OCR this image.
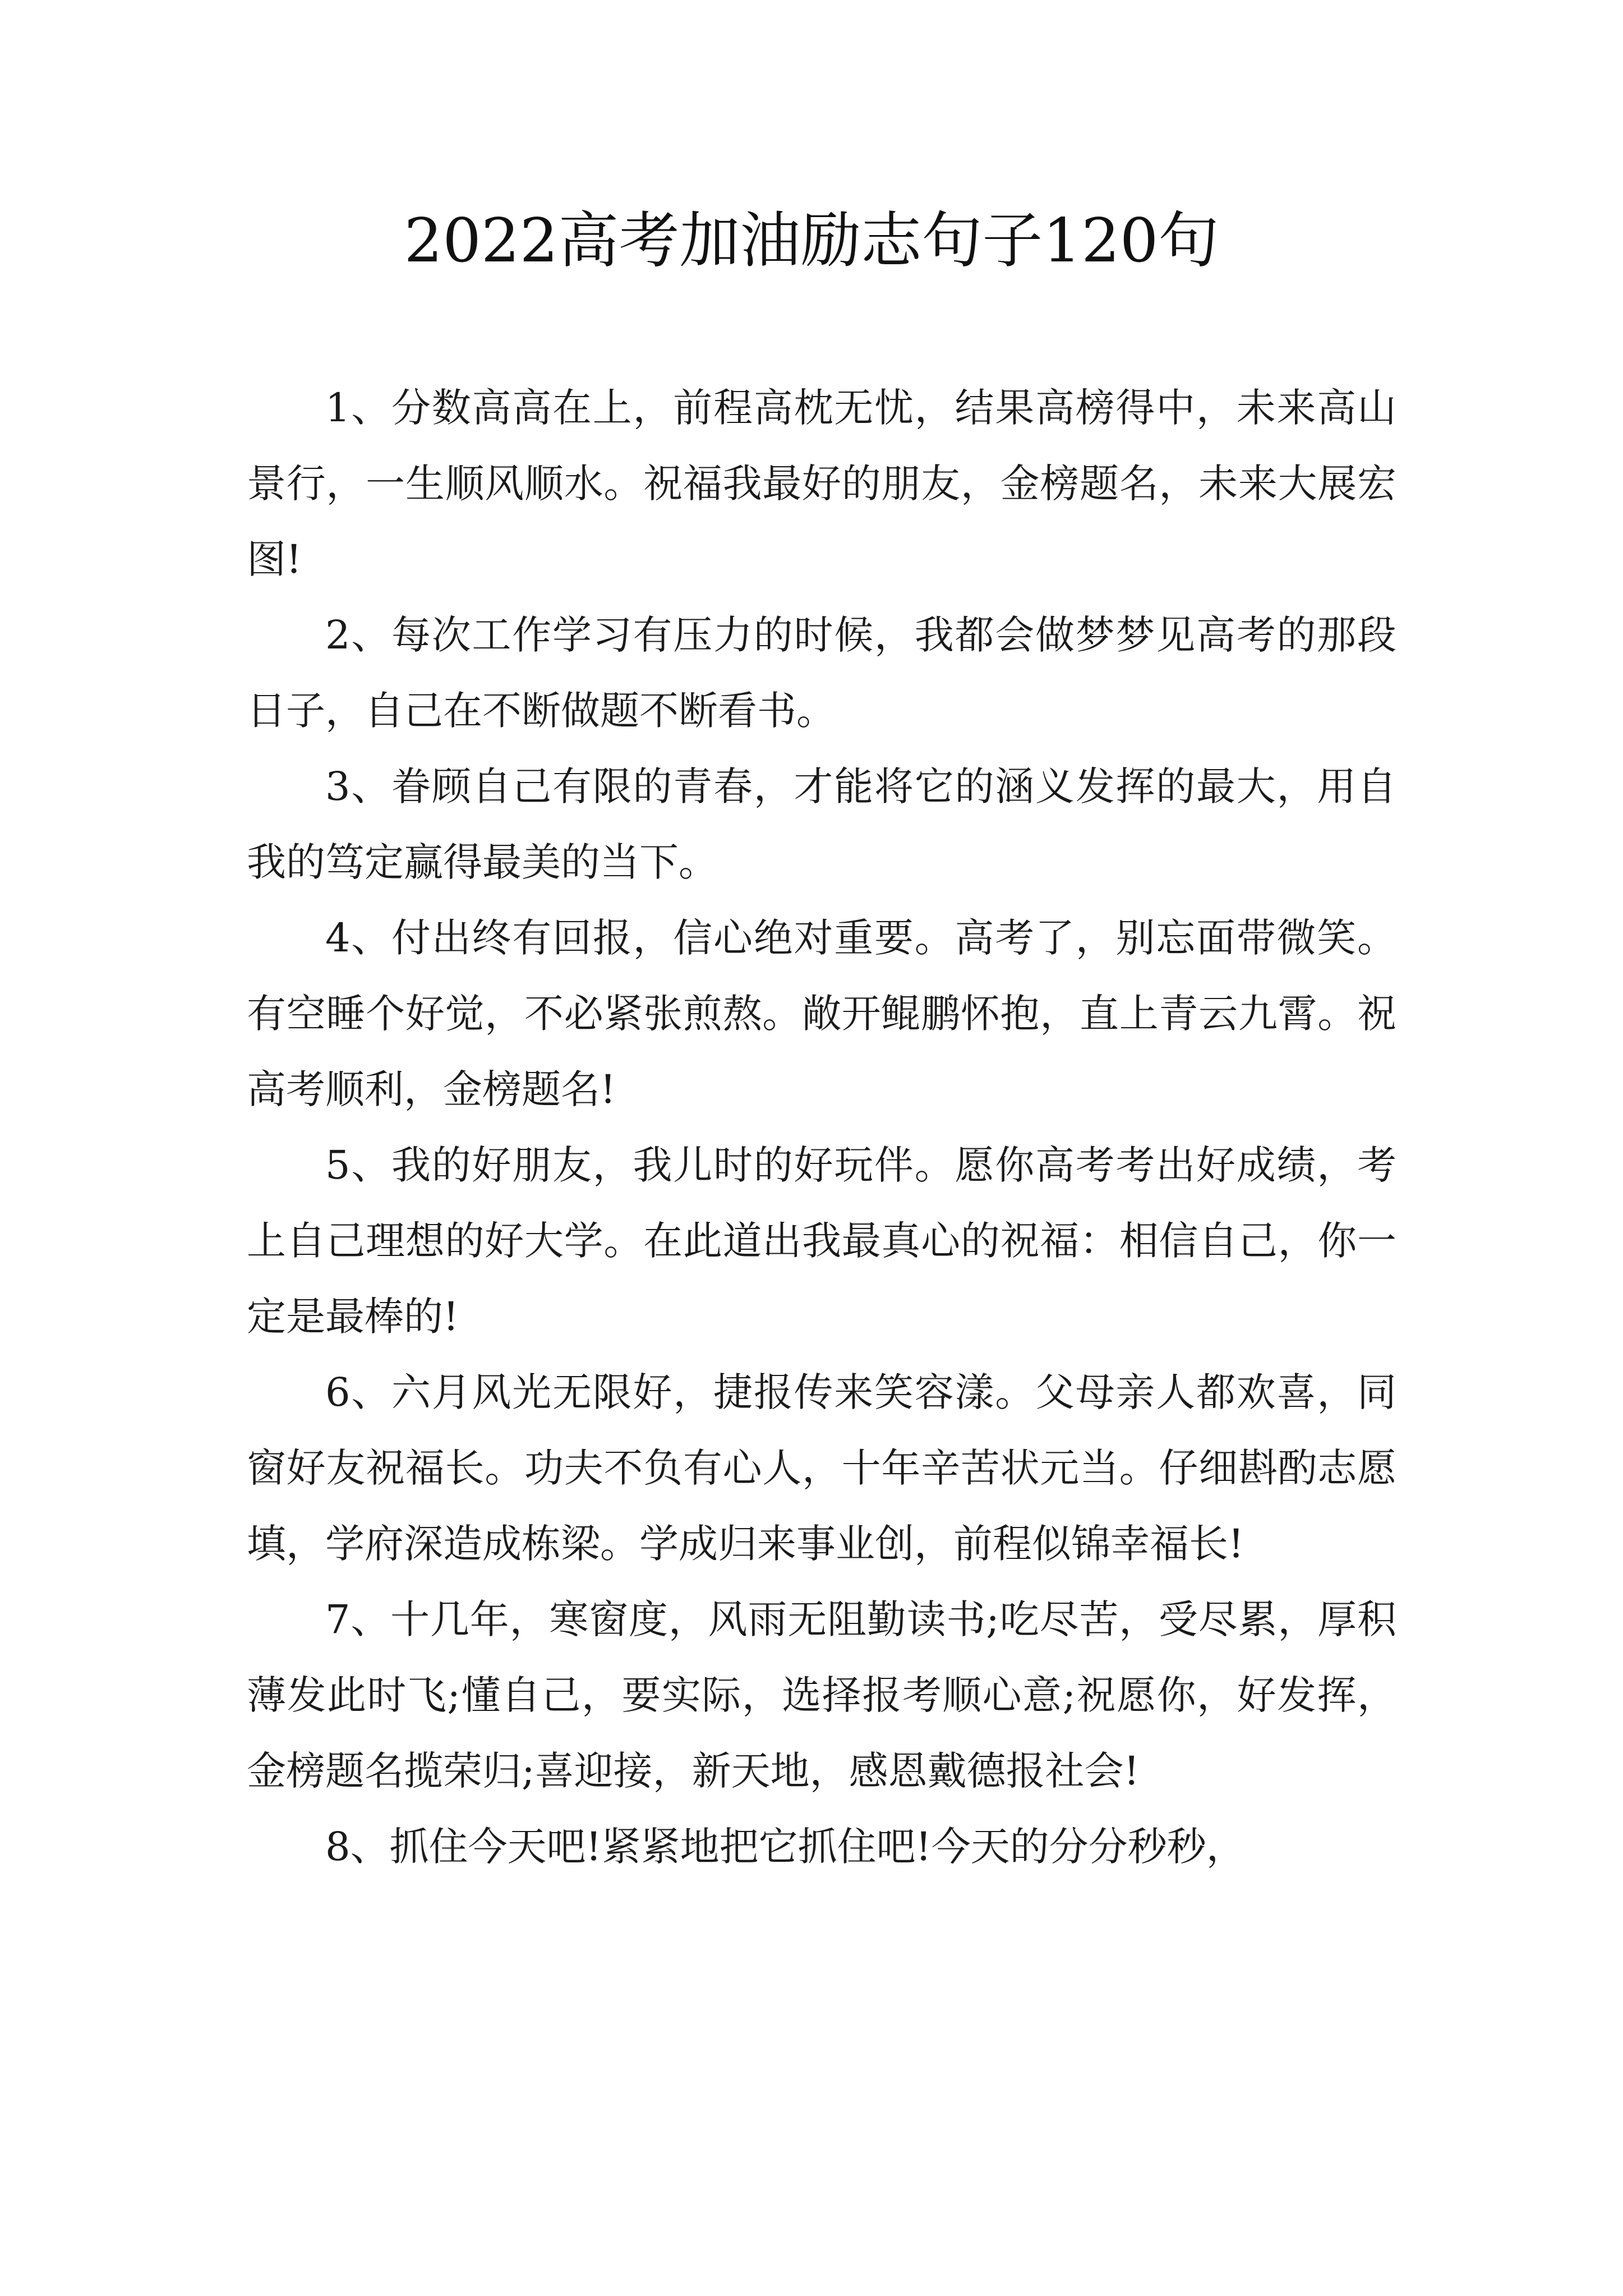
2022高考加油励志句子120句

1、分数高高在上，前程高枕无忧，结果高榜得中，未来高山景行，一生顺风顺水。祝福我最好的朋友，金榜题名，未来大展宏图!

2、每次工作学习有压力的时候，我都会做梦梦见高考的那段日子，自己在不断做题不断看书。

3、眷顾自己有限的青春，才能将它的涵义发挥的最大，用自我的笃定赢得最美的当下。

4、付出终有回报，信心绝对重要。高考了，别忘面带微笑。有空睡个好觉，不必紧张煎熬。敞开鲲鹏怀抱，直上青云九霄。祝高考顺利，金榜题名!

5、我的好朋友，我儿时的好玩伴。愿你高考考出好成绩，考上自己理想的好大学。在此道出我最真心的祝福：相信自己，你一定是最棒的!

6、六月风光无限好，捷报传来笑容漾。父母亲人都欢喜，同窗好友祝福长。功夫不负有心人，十年辛苦状元当。仔细斟酌志愿填，学府深造成栋梁。学成归来事业创，前程似锦幸福长!

7、十几年，寒窗度，风雨无阻勤读书;吃尽苦，受尽累，厚积薄发此时飞;懂自己，要实际，选择报考顺心意;祝愿你，好发挥，金榜题名揽荣归;喜迎接，新天地，感恩戴德报社会!

8、抓住今天吧!紧紧地把它抓住吧!今天的分分秒秒，
